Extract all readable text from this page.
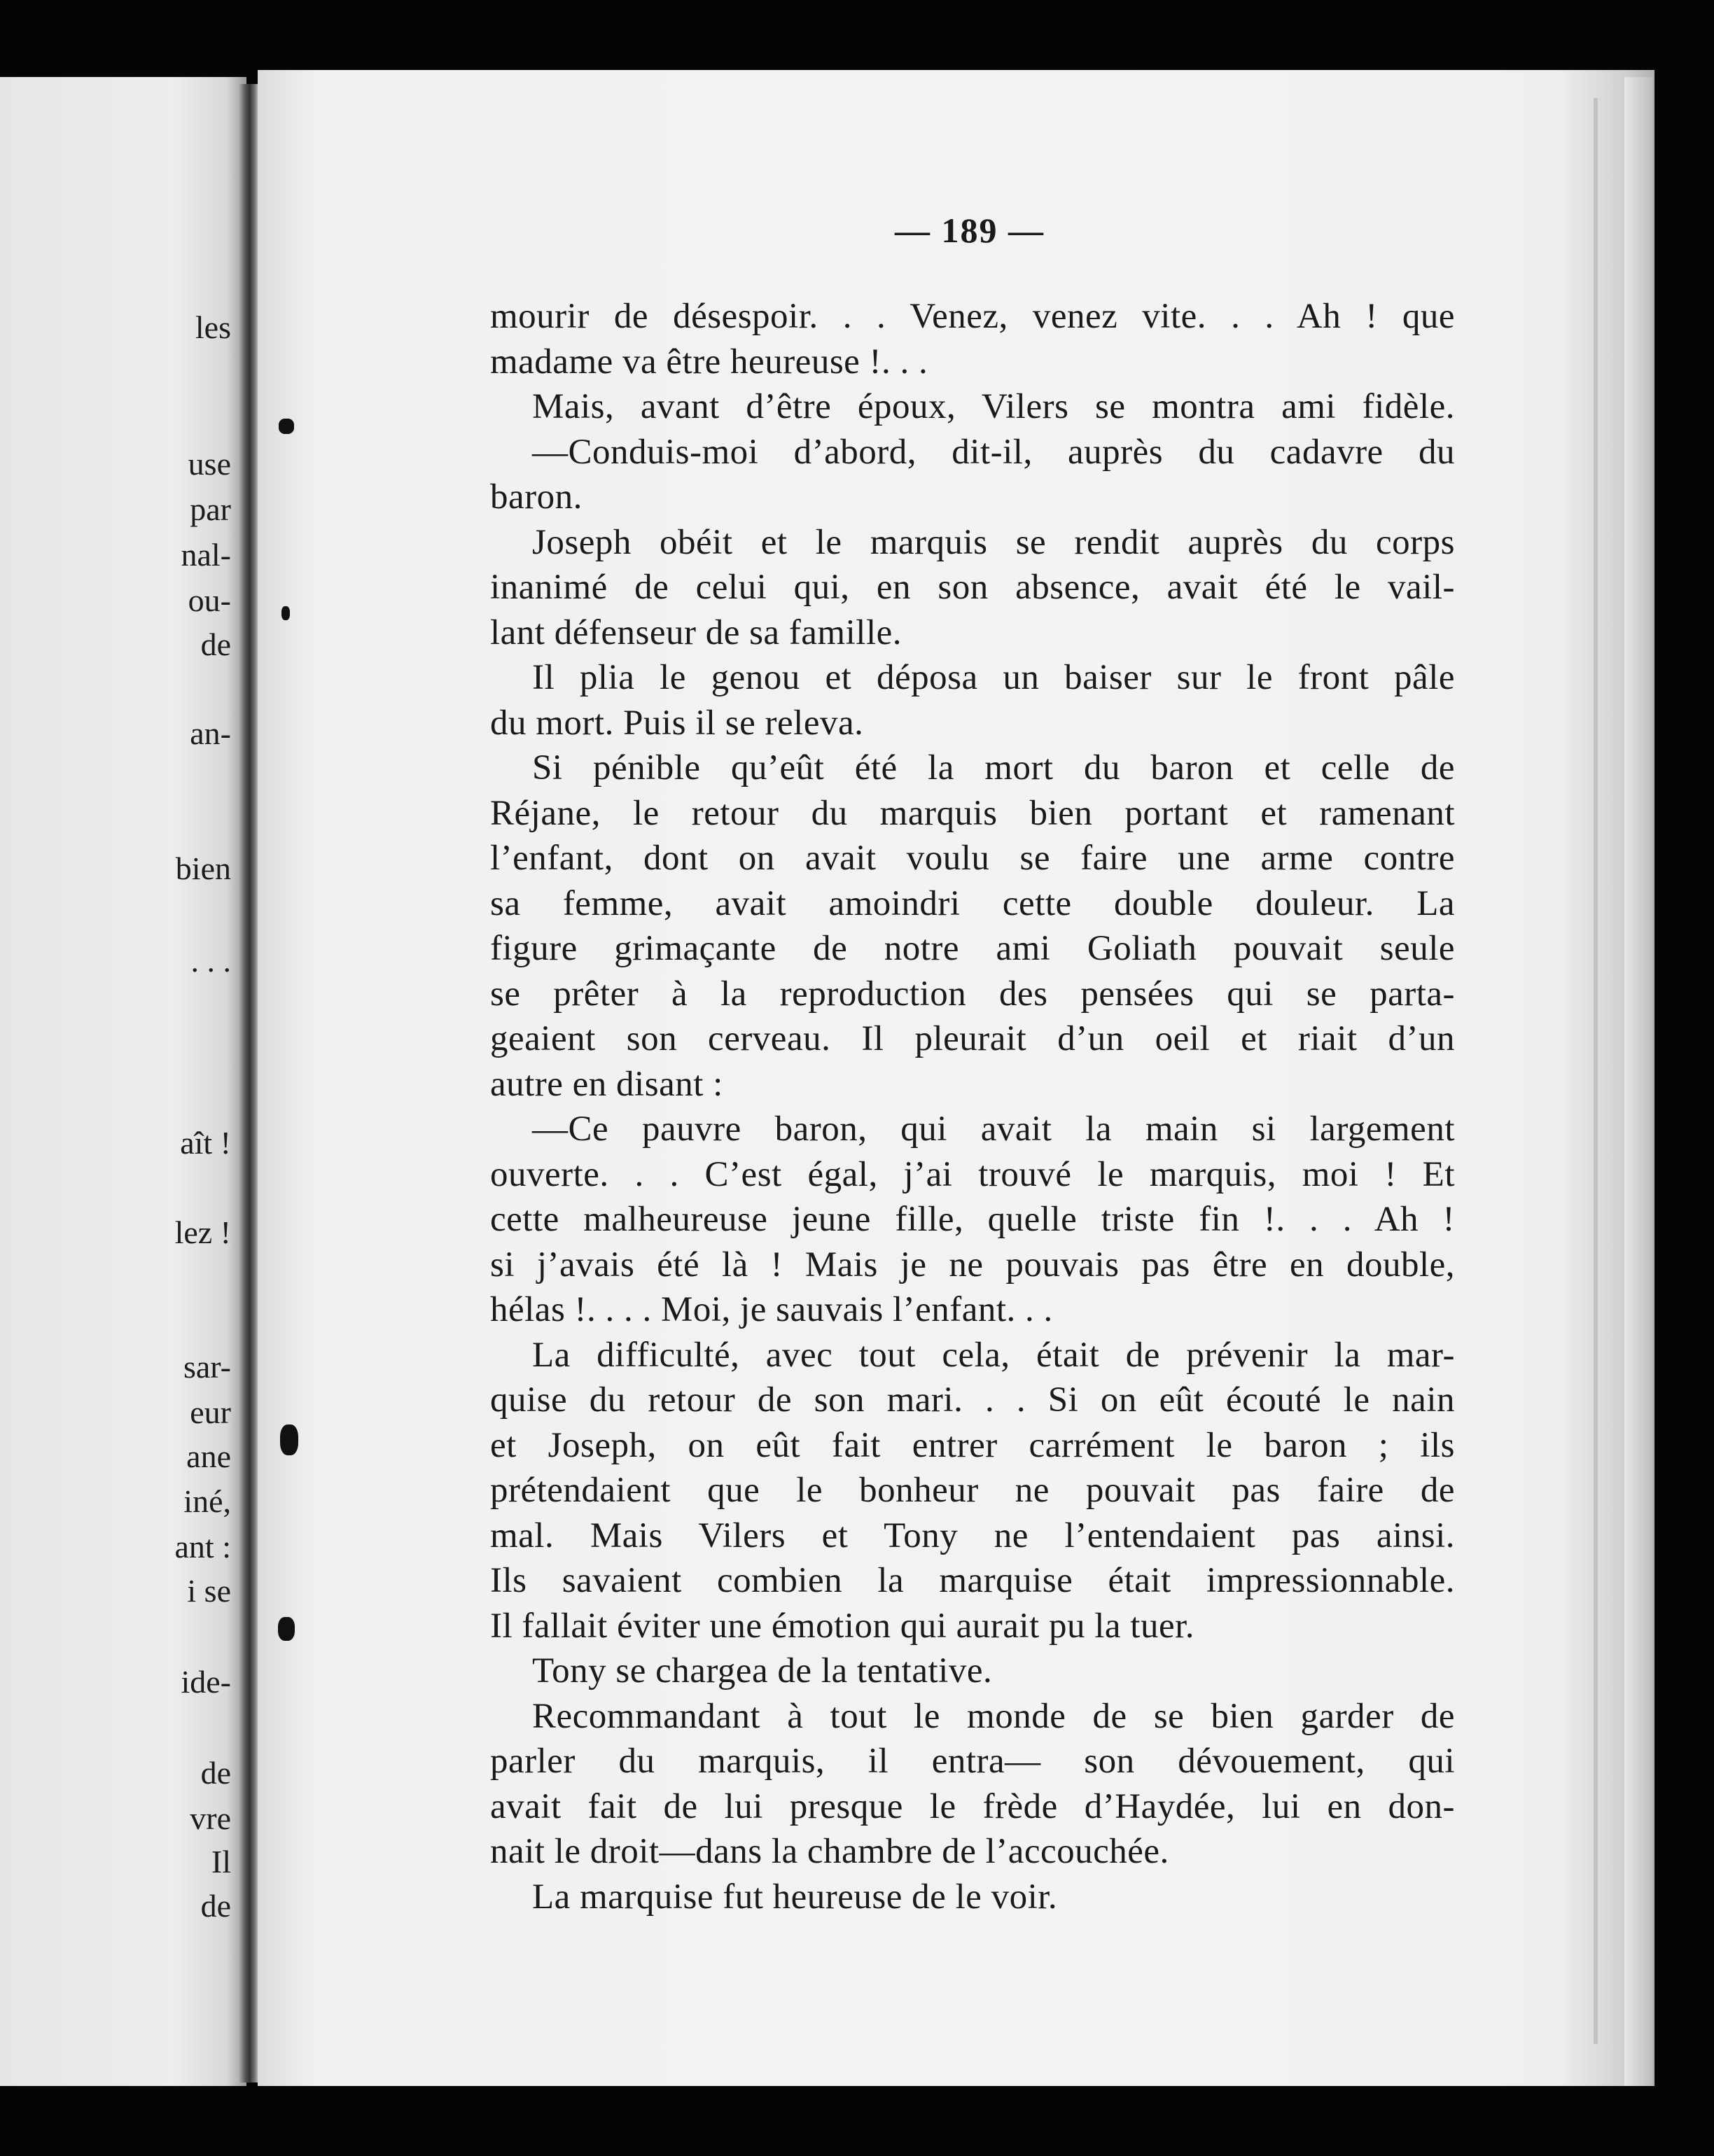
les
use
par
nal-
ou-
de
an-
bien
. . .
aît !
lez !
sar-
eur
ane
iné,
ant :
i se
ide-
de
vre
Il
de
— 189 —
mourir de désespoir. . . Venez, venez vite. . . Ah ! que
madame va être heureuse !. . .
Mais, avant d’être époux, Vilers se montra ami fidèle.
—Conduis-moi d’abord, dit-il, auprès du cadavre du
baron.
Joseph obéit et le marquis se rendit auprès du corps
inanimé de celui qui, en son absence, avait été le vail-
lant défenseur de sa famille.
Il plia le genou et déposa un baiser sur le front pâle
du mort. Puis il se releva.
Si pénible qu’eût été la mort du baron et celle de
Réjane, le retour du marquis bien portant et ramenant
l’enfant, dont on avait voulu se faire une arme contre
sa femme, avait amoindri cette double douleur. La
figure grimaçante de notre ami Goliath pouvait seule
se prêter à la reproduction des pensées qui se parta-
geaient son cerveau. Il pleurait d’un oeil et riait d’un
autre en disant :
—Ce pauvre baron, qui avait la main si largement
ouverte. . . C’est égal, j’ai trouvé le marquis, moi ! Et
cette malheureuse jeune fille, quelle triste fin !. . . Ah !
si j’avais été là ! Mais je ne pouvais pas être en double,
hélas !. . . . Moi, je sauvais l’enfant. . .
La difficulté, avec tout cela, était de prévenir la mar-
quise du retour de son mari. . . Si on eût écouté le nain
et Joseph, on eût fait entrer carrément le baron ; ils
prétendaient que le bonheur ne pouvait pas faire de
mal. Mais Vilers et Tony ne l’entendaient pas ainsi.
Ils savaient combien la marquise était impressionnable.
Il fallait éviter une émotion qui aurait pu la tuer.
Tony se chargea de la tentative.
Recommandant à tout le monde de se bien garder de
parler du marquis, il entra— son dévouement, qui
avait fait de lui presque le frède d’Haydée, lui en don-
nait le droit—dans la chambre de l’accouchée.
La marquise fut heureuse de le voir.
